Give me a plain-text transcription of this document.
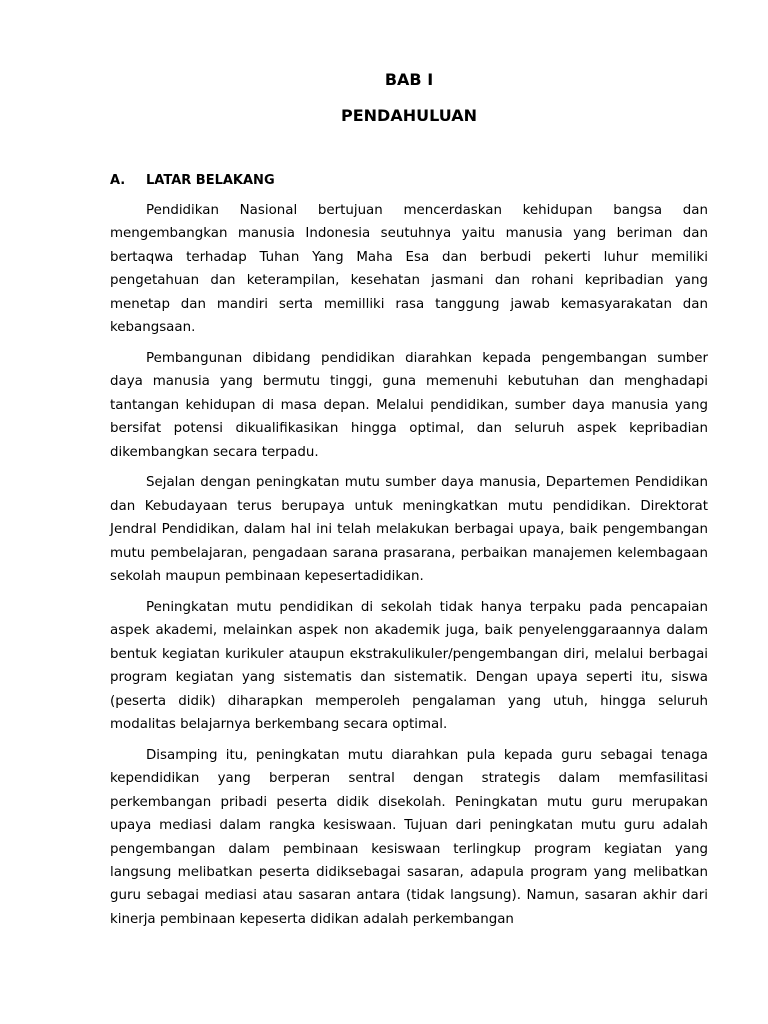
BAB I
PENDAHULUAN
A. LATAR BELAKANG

Pendidikan Nasional bertujuan mencerdaskan kehidupan bangsa dan mengembangkan manusia Indonesia seutuhnya yaitu manusia yang beriman dan bertaqwa terhadap Tuhan Yang Maha Esa dan berbudi pekerti luhur memiliki pengetahuan dan keterampilan, kesehatan jasmani dan rohani kepribadian yang menetap dan mandiri serta memilliki rasa tanggung jawab kemasyarakatan dan kebangsaan.

Pembangunan dibidang pendidikan diarahkan kepada pengembangan sumber daya manusia yang bermutu tinggi, guna memenuhi kebutuhan dan menghadapi tantangan kehidupan di masa depan. Melalui pendidikan, sumber daya manusia yang bersifat potensi dikualifikasikan hingga optimal, dan seluruh aspek kepribadian dikembangkan secara terpadu.

Sejalan dengan peningkatan mutu sumber daya manusia, Departemen Pendidikan dan Kebudayaan terus berupaya untuk meningkatkan mutu pendidikan. Direktorat Jendral Pendidikan, dalam hal ini telah melakukan berbagai upaya, baik pengembangan mutu pembelajaran, pengadaan sarana prasarana, perbaikan manajemen kelembagaan sekolah maupun pembinaan kepesertadidikan.

Peningkatan mutu pendidikan di sekolah tidak hanya terpaku pada pencapaian aspek akademi, melainkan aspek non akademik juga, baik penyelenggaraannya dalam bentuk kegiatan kurikuler ataupun ekstrakulikuler/pengembangan diri, melalui berbagai program kegiatan yang sistematis dan sistematik. Dengan upaya seperti itu, siswa (peserta didik) diharapkan memperoleh pengalaman yang utuh, hingga seluruh modalitas belajarnya berkembang secara optimal.

Disamping itu, peningkatan mutu diarahkan pula kepada guru sebagai tenaga kependidikan yang berperan sentral dengan strategis dalam memfasilitasi perkembangan pribadi peserta didik disekolah. Peningkatan mutu guru merupakan upaya mediasi dalam rangka kesiswaan. Tujuan dari peningkatan mutu guru adalah pengembangan dalam pembinaan kesiswaan terlingkup program kegiatan yang langsung melibatkan peserta didiksebagai sasaran, adapula program yang melibatkan guru sebagai mediasi atau sasaran antara (tidak langsung). Namun, sasaran akhir dari kinerja pembinaan kepeserta didikan adalah perkembangan
